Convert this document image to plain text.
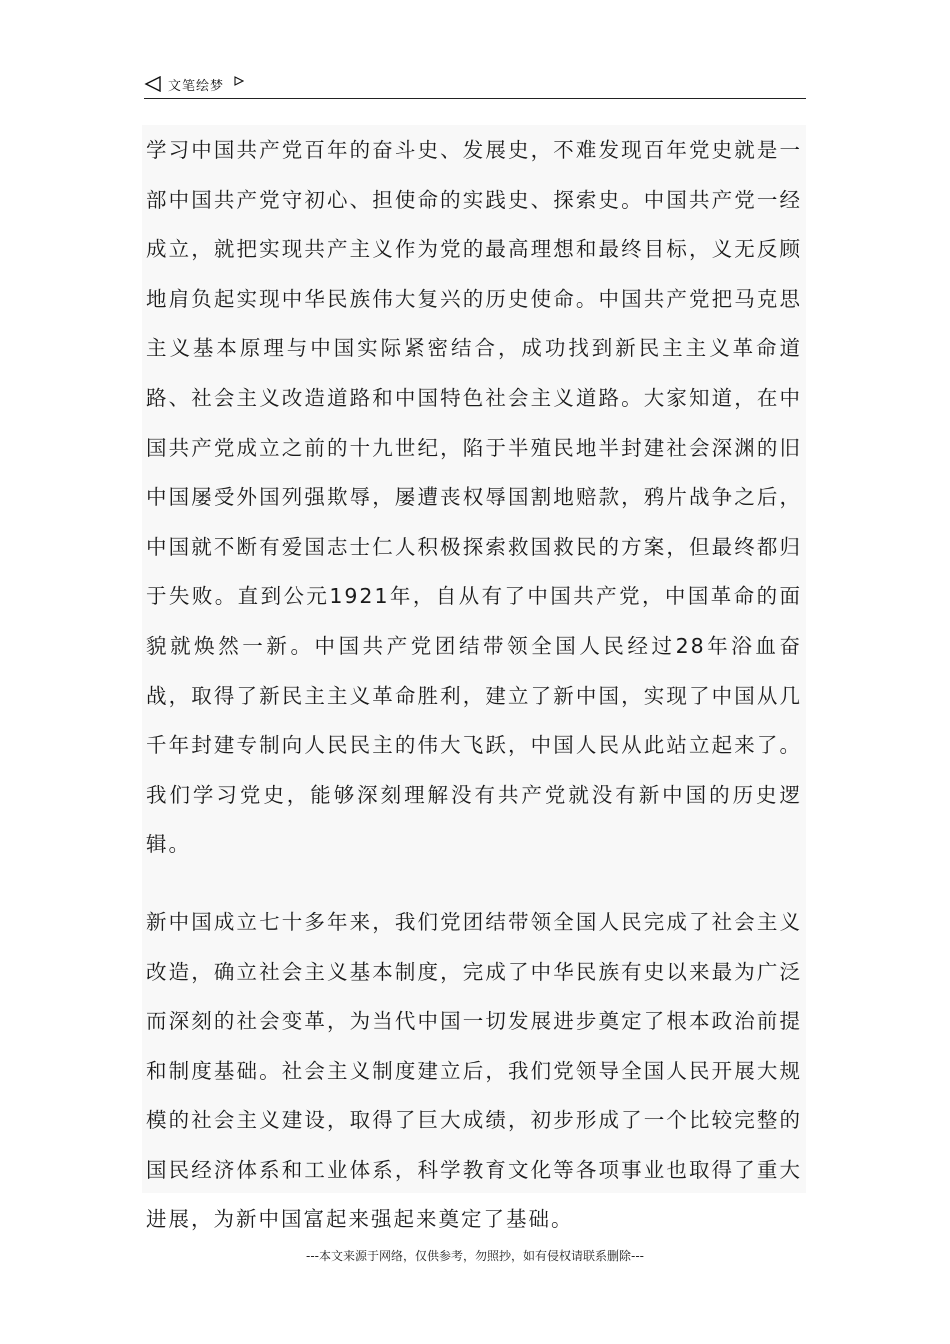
文笔绘梦

学习中国共产党百年的奋斗史、发展史，不难发现百年党史就是一部中国共产党守初心、担使命的实践史、探索史。中国共产党一经成立，就把实现共产主义作为党的最高理想和最终目标，义无反顾地肩负起实现中华民族伟大复兴的历史使命。中国共产党把马克思主义基本原理与中国实际紧密结合，成功找到新民主主义革命道路、社会主义改造道路和中国特色社会主义道路。大家知道，在中国共产党成立之前的十九世纪，陷于半殖民地半封建社会深渊的旧中国屡受外国列强欺辱，屡遭丧权辱国割地赔款，鸦片战争之后，中国就不断有爱国志士仁人积极探索救国救民的方案，但最终都归于失败。直到公元1921年，自从有了中国共产党，中国革命的面貌就焕然一新。中国共产党团结带领全国人民经过28年浴血奋战，取得了新民主主义革命胜利，建立了新中国，实现了中国从几千年封建专制向人民民主的伟大飞跃，中国人民从此站立起来了。我们学习党史，能够深刻理解没有共产党就没有新中国的历史逻辑。

新中国成立七十多年来，我们党团结带领全国人民完成了社会主义改造，确立社会主义基本制度，完成了中华民族有史以来最为广泛而深刻的社会变革，为当代中国一切发展进步奠定了根本政治前提和制度基础。社会主义制度建立后，我们党领导全国人民开展大规模的社会主义建设，取得了巨大成绩，初步形成了一个比较完整的国民经济体系和工业体系，科学教育文化等各项事业也取得了重大进展，为新中国富起来强起来奠定了基础。

---本文来源于网络，仅供参考，勿照抄，如有侵权请联系删除---
